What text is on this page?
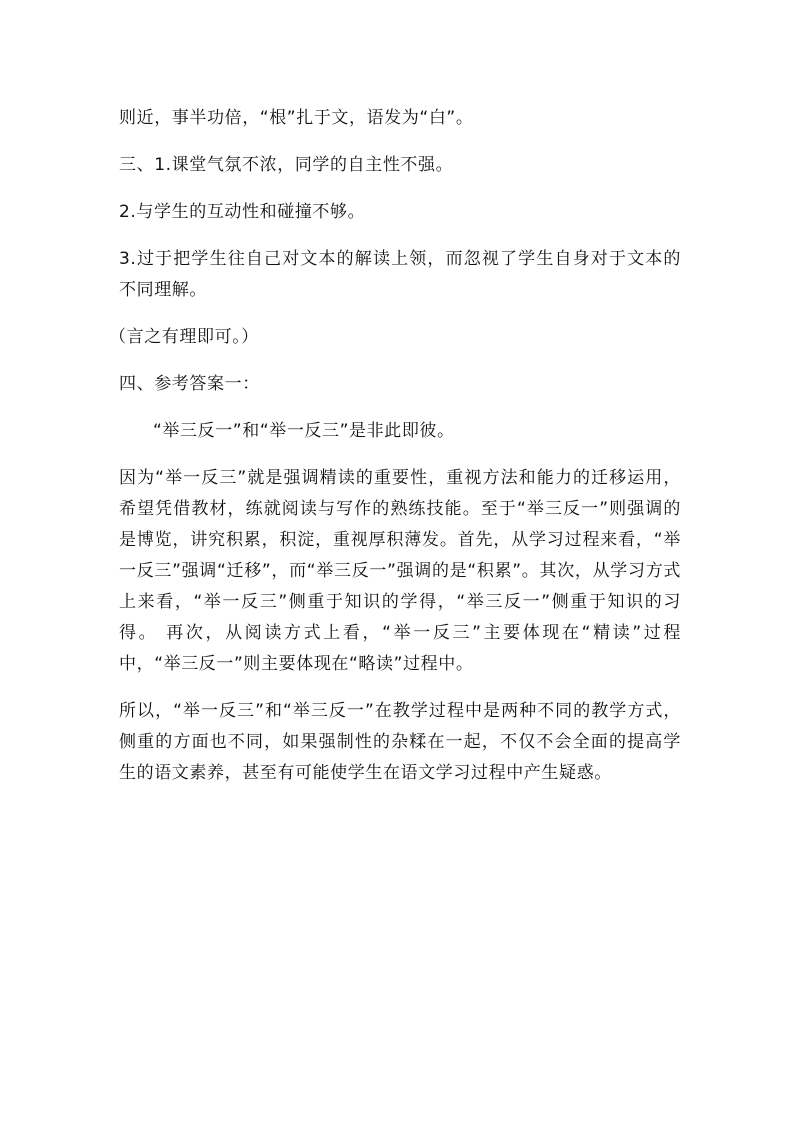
则近，事半功倍，“根”扎于文，语发为“白”。

三、1.课堂气氛不浓，同学的自主性不强。

2.与学生的互动性和碰撞不够。

3.过于把学生往自己对文本的解读上领，而忽视了学生自身对于文本的不同理解。

（言之有理即可。）

四、参考答案一：

“举三反一”和“举一反三”是非此即彼。

因为“举一反三”就是强调精读的重要性，重视方法和能力的迁移运用，希望凭借教材，练就阅读与写作的熟练技能。至于“举三反一”则强调的是博览，讲究积累，积淀，重视厚积薄发。首先，从学习过程来看，“举一反三”强调“迁移”，而“举三反一”强调的是“积累”。其次，从学习方式上来看，“举一反三”侧重于知识的学得，“举三反一”侧重于知识的习得。 再次，从阅读方式上看，“举一反三”主要体现在“精读”过程中，“举三反一”则主要体现在“略读”过程中。

所以，“举一反三”和“举三反一”在教学过程中是两种不同的教学方式，侧重的方面也不同，如果强制性的杂糅在一起，不仅不会全面的提高学生的语文素养，甚至有可能使学生在语文学习过程中产生疑惑。
